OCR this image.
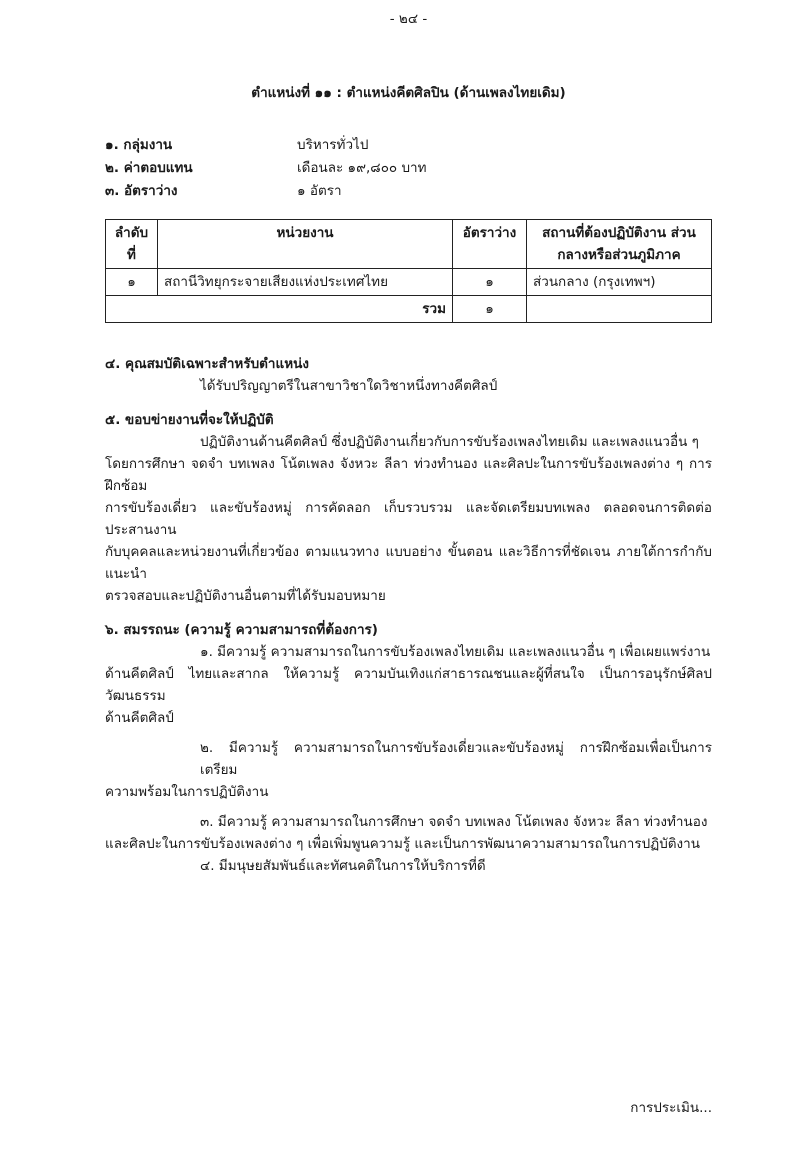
- ๒๔ -
ตำแหน่งที่ ๑๑ : ตำแหน่งคีตศิลปิน (ด้านเพลงไทยเดิม)
๑. กลุ่มงาน	บริหารทั่วไป
๒. ค่าตอบแทน	เดือนละ ๑๙,๘๐๐ บาท
๓. อัตราว่าง	๑ อัตรา
ลำดับที่	หน่วยงาน	อัตราว่าง	สถานที่ต้องปฏิบัติงาน ส่วนกลางหรือส่วนภูมิภาค
๑	สถานีวิทยุกระจายเสียงแห่งประเทศไทย	๑	ส่วนกลาง (กรุงเทพฯ)
รวม		๑	
๔. คุณสมบัติเฉพาะสำหรับตำแหน่ง
ได้รับปริญญาตรีในสาขาวิชาใดวิชาหนึ่งทางคีตศิลป์
๕. ขอบข่ายงานที่จะให้ปฏิบัติ
ปฏิบัติงานด้านคีตศิลป์ ซึ่งปฏิบัติงานเกี่ยวกับการขับร้องเพลงไทยเดิม และเพลงแนวอื่น ๆ
โดยการศึกษา จดจำ บทเพลง โน้ตเพลง จังหวะ ลีลา ท่วงทำนอง และศิลปะในการขับร้องเพลงต่าง ๆ การฝึกซ้อม
การขับร้องเดี่ยว และขับร้องหมู่ การคัดลอก เก็บรวบรวม และจัดเตรียมบทเพลง ตลอดจนการติดต่อประสานงาน
กับบุคคลและหน่วยงานที่เกี่ยวข้อง ตามแนวทาง แบบอย่าง ขั้นตอน และวิธีการที่ชัดเจน ภายใต้การกำกับ แนะนำ
ตรวจสอบและปฏิบัติงานอื่นตามที่ได้รับมอบหมาย
๖. สมรรถนะ (ความรู้ ความสามารถที่ต้องการ)
๑. มีความรู้ ความสามารถในการขับร้องเพลงไทยเดิม และเพลงแนวอื่น ๆ เพื่อเผยแพร่งาน
ด้านคีตศิลป์ ไทยและสากล ให้ความรู้ ความบันเทิงแก่สาธารณชนและผู้ที่สนใจ เป็นการอนุรักษ์ศิลปวัฒนธรรม
ด้านคีตศิลป์
๒. มีความรู้ ความสามารถในการขับร้องเดี่ยวและขับร้องหมู่ การฝึกซ้อมเพื่อเป็นการเตรียม
ความพร้อมในการปฏิบัติงาน
๓. มีความรู้ ความสามารถในการศึกษา จดจำ บทเพลง โน้ตเพลง จังหวะ ลีลา ท่วงทำนอง
และศิลปะในการขับร้องเพลงต่าง ๆ เพื่อเพิ่มพูนความรู้ และเป็นการพัฒนาความสามารถในการปฏิบัติงาน
๔. มีมนุษยสัมพันธ์และทัศนคติในการให้บริการที่ดี
การประเมิน...
